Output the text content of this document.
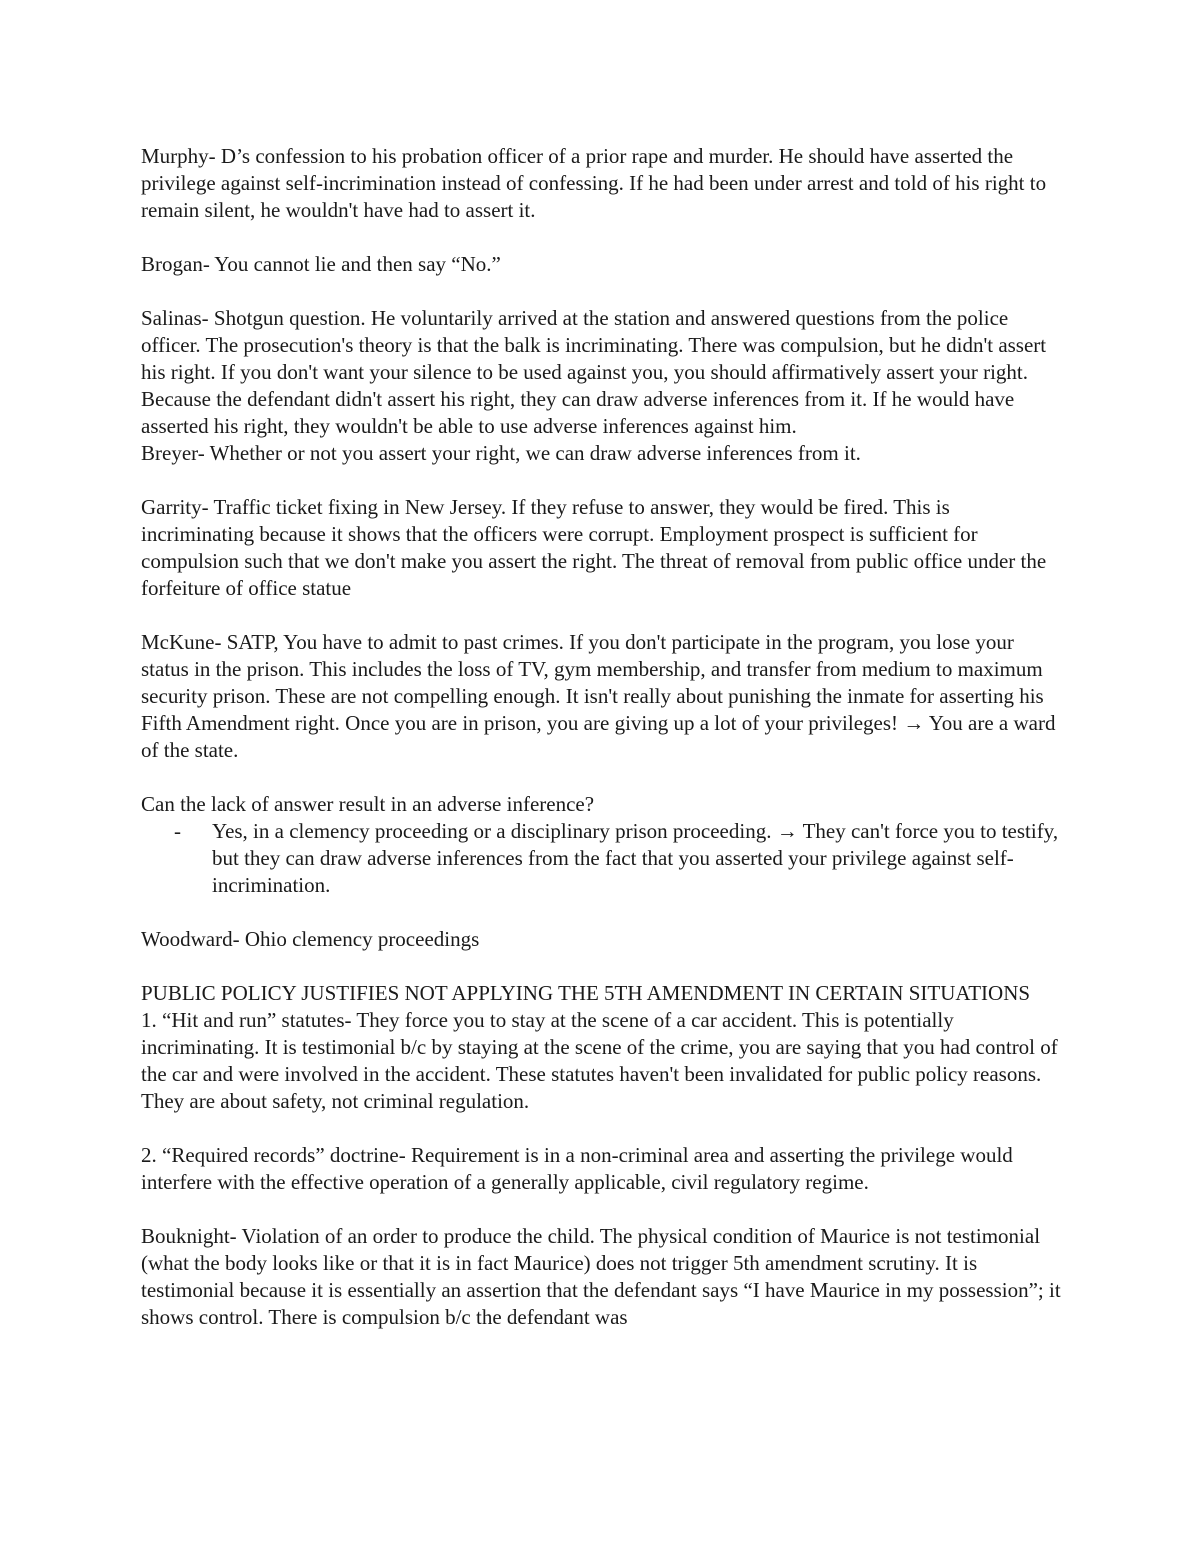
Murphy- D’s confession to his probation officer of a prior rape and murder. He should have asserted the privilege against self-incrimination instead of confessing. If he had been under arrest and told of his right to remain silent, he wouldn't have had to assert it.

Brogan- You cannot lie and then say “No.”

Salinas- Shotgun question. He voluntarily arrived at the station and answered questions from the police officer. The prosecution's theory is that the balk is incriminating. There was compulsion, but he didn't assert his right. If you don't want your silence to be used against you, you should affirmatively assert your right. Because the defendant didn't assert his right, they can draw adverse inferences from it. If he would have asserted his right, they wouldn't be able to use adverse inferences against him.

Breyer- Whether or not you assert your right, we can draw adverse inferences from it.

Garrity- Traffic ticket fixing in New Jersey. If they refuse to answer, they would be fired. This is incriminating because it shows that the officers were corrupt. Employment prospect is sufficient for compulsion such that we don't make you assert the right. The threat of removal from public office under the forfeiture of office statue

McKune- SATP, You have to admit to past crimes. If you don't participate in the program, you lose your status in the prison. This includes the loss of TV, gym membership, and transfer from medium to maximum security prison. These are not compelling enough. It isn't really about punishing the inmate for asserting his Fifth Amendment right. Once you are in prison, you are giving up a lot of your privileges! → You are a ward of the state.

Can the lack of answer result in an adverse inference?

- Yes, in a clemency proceeding or a disciplinary prison proceeding. → They can't force you to testify, but they can draw adverse inferences from the fact that you asserted your privilege against self-incrimination.

Woodward- Ohio clemency proceedings

PUBLIC POLICY JUSTIFIES NOT APPLYING THE 5TH AMENDMENT IN CERTAIN SITUATIONS

1. “Hit and run” statutes- They force you to stay at the scene of a car accident. This is potentially incriminating. It is testimonial b/c by staying at the scene of the crime, you are saying that you had control of the car and were involved in the accident. These statutes haven't been invalidated for public policy reasons. They are about safety, not criminal regulation.

2. “Required records” doctrine- Requirement is in a non-criminal area and asserting the privilege would interfere with the effective operation of a generally applicable, civil regulatory regime.

Bouknight- Violation of an order to produce the child. The physical condition of Maurice is not testimonial (what the body looks like or that it is in fact Maurice) does not trigger 5th amendment scrutiny. It is testimonial because it is essentially an assertion that the defendant says “I have Maurice in my possession”; it shows control. There is compulsion b/c the defendant was
